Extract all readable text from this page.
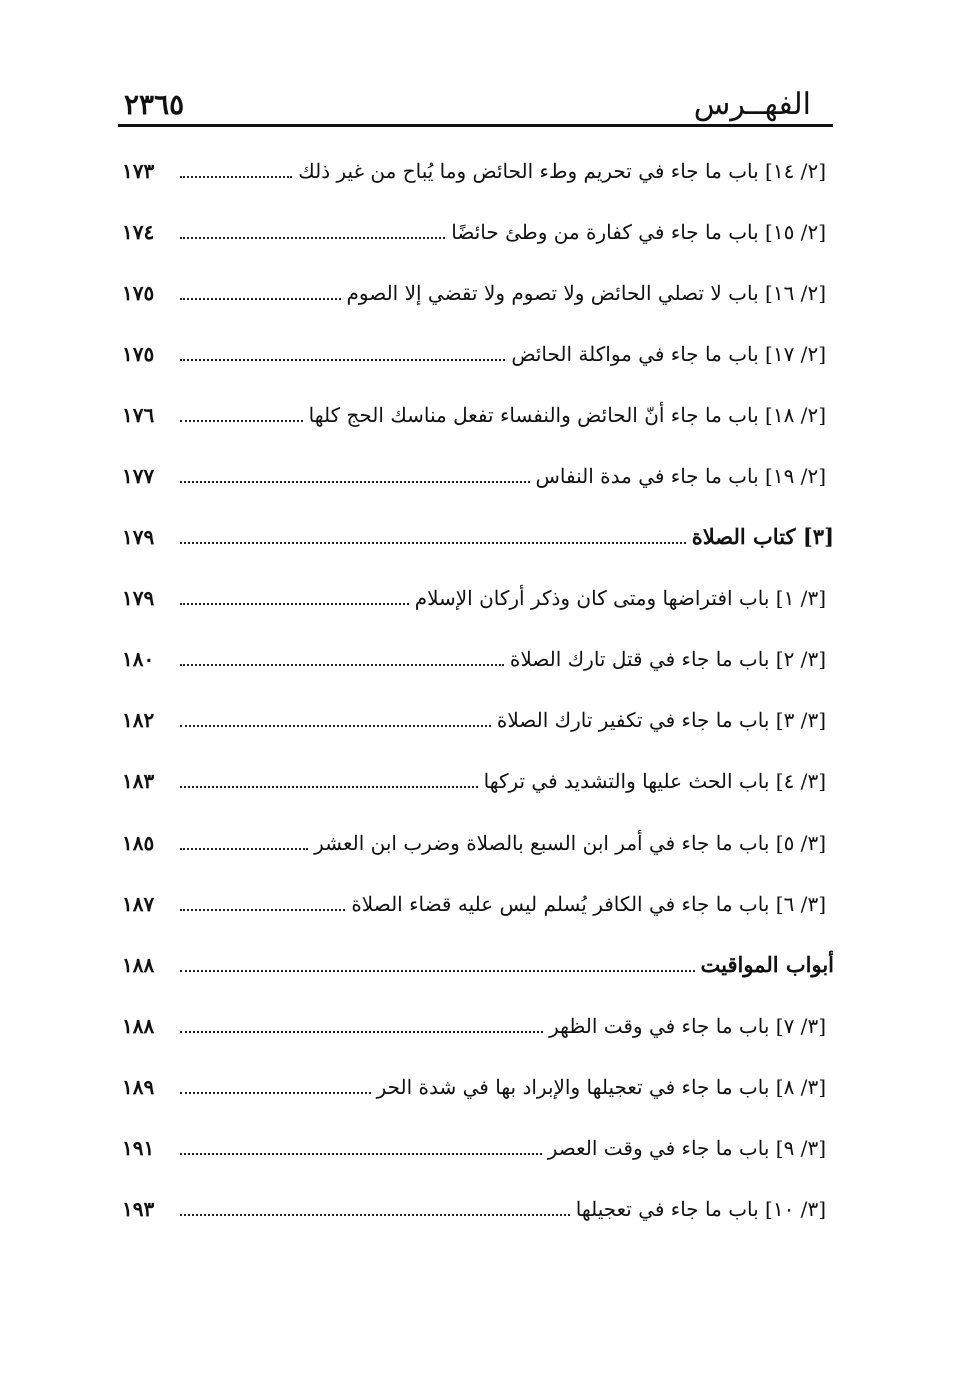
الفهــرس
٢٣٦٥
[٢/ ١٤] باب ما جاء في تحريم وطء الحائض وما يُباح من غير ذلك
١٧٣
[٢/ ١٥] باب ما جاء في كفارة من وطئ حائضًا
١٧٤
[٢/ ١٦] باب لا تصلي الحائض ولا تصوم ولا تقضي إلا الصوم
١٧٥
[٢/ ١٧] باب ما جاء في مواكلة الحائض
١٧٥
[٢/ ١٨] باب ما جاء أنّ الحائض والنفساء تفعل مناسك الحج كلها
١٧٦
[٢/ ١٩] باب ما جاء في مدة النفاس
١٧٧
[٣] كتاب الصلاة
١٧٩
[٣/ ١] باب افتراضها ومتى كان وذكر أركان الإسلام
١٧٩
[٣/ ٢] باب ما جاء في قتل تارك الصلاة
١٨٠
[٣/ ٣] باب ما جاء في تكفير تارك الصلاة
١٨٢
[٣/ ٤] باب الحث عليها والتشديد في تركها
١٨٣
[٣/ ٥] باب ما جاء في أمر ابن السبع بالصلاة وضرب ابن العشر
١٨٥
[٣/ ٦] باب ما جاء في الكافر يُسلم ليس عليه قضاء الصلاة
١٨٧
أبواب المواقيت
١٨٨
[٣/ ٧] باب ما جاء في وقت الظهر
١٨٨
[٣/ ٨] باب ما جاء في تعجيلها والإبراد بها في شدة الحر
١٨٩
[٣/ ٩] باب ما جاء في وقت العصر
١٩١
[٣/ ١٠] باب ما جاء في تعجيلها
١٩٣
